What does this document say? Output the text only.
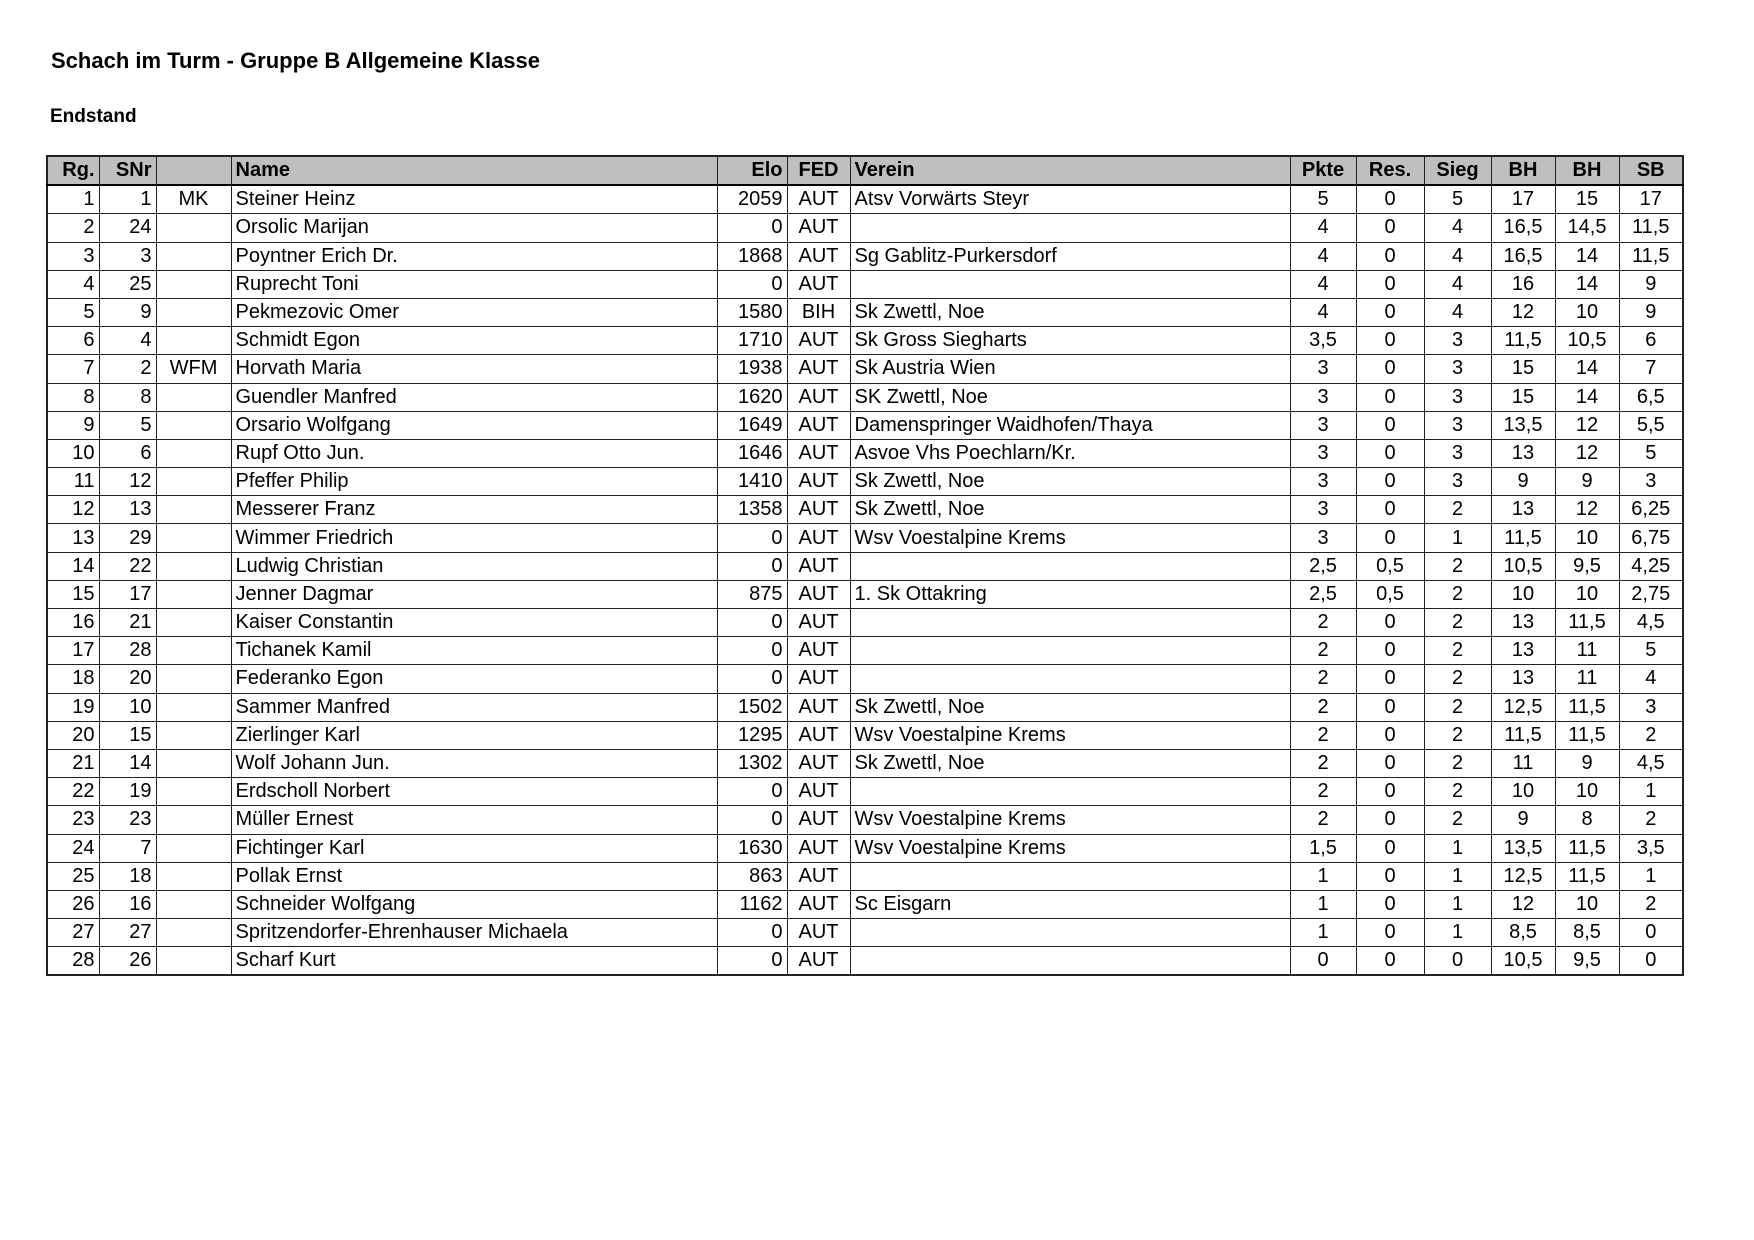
Schach im Turm - Gruppe B Allgemeine Klasse
Endstand
Rg.	SNr		Name	Elo	FED	Verein	Pkte	Res.	Sieg	BH	BH	SB
1	1	MK	Steiner Heinz	2059	AUT	Atsv Vorwärts Steyr	5	0	5	17	15	17
2	24		Orsolic Marijan	0	AUT		4	0	4	16,5	14,5	11,5
3	3		Poyntner Erich Dr.	1868	AUT	Sg Gablitz-Purkersdorf	4	0	4	16,5	14	11,5
4	25		Ruprecht Toni	0	AUT		4	0	4	16	14	9
5	9		Pekmezovic Omer	1580	BIH	Sk Zwettl, Noe	4	0	4	12	10	9
6	4		Schmidt Egon	1710	AUT	Sk Gross Siegharts	3,5	0	3	11,5	10,5	6
7	2	WFM	Horvath Maria	1938	AUT	Sk Austria Wien	3	0	3	15	14	7
8	8		Guendler Manfred	1620	AUT	SK Zwettl, Noe	3	0	3	15	14	6,5
9	5		Orsario Wolfgang	1649	AUT	Damenspringer Waidhofen/Thaya	3	0	3	13,5	12	5,5
10	6		Rupf Otto Jun.	1646	AUT	Asvoe Vhs Poechlarn/Kr.	3	0	3	13	12	5
11	12		Pfeffer Philip	1410	AUT	Sk Zwettl, Noe	3	0	3	9	9	3
12	13		Messerer Franz	1358	AUT	Sk Zwettl, Noe	3	0	2	13	12	6,25
13	29		Wimmer Friedrich	0	AUT	Wsv Voestalpine Krems	3	0	1	11,5	10	6,75
14	22		Ludwig Christian	0	AUT		2,5	0,5	2	10,5	9,5	4,25
15	17		Jenner Dagmar	875	AUT	1. Sk Ottakring	2,5	0,5	2	10	10	2,75
16	21		Kaiser Constantin	0	AUT		2	0	2	13	11,5	4,5
17	28		Tichanek Kamil	0	AUT		2	0	2	13	11	5
18	20		Federanko Egon	0	AUT		2	0	2	13	11	4
19	10		Sammer Manfred	1502	AUT	Sk Zwettl, Noe	2	0	2	12,5	11,5	3
20	15		Zierlinger Karl	1295	AUT	Wsv Voestalpine Krems	2	0	2	11,5	11,5	2
21	14		Wolf Johann Jun.	1302	AUT	Sk Zwettl, Noe	2	0	2	11	9	4,5
22	19		Erdscholl Norbert	0	AUT		2	0	2	10	10	1
23	23		Müller Ernest	0	AUT	Wsv Voestalpine Krems	2	0	2	9	8	2
24	7		Fichtinger Karl	1630	AUT	Wsv Voestalpine Krems	1,5	0	1	13,5	11,5	3,5
25	18		Pollak Ernst	863	AUT		1	0	1	12,5	11,5	1
26	16		Schneider Wolfgang	1162	AUT	Sc Eisgarn	1	0	1	12	10	2
27	27		Spritzendorfer-Ehrenhauser Michaela	0	AUT		1	0	1	8,5	8,5	0
28	26		Scharf Kurt	0	AUT		0	0	0	10,5	9,5	0
